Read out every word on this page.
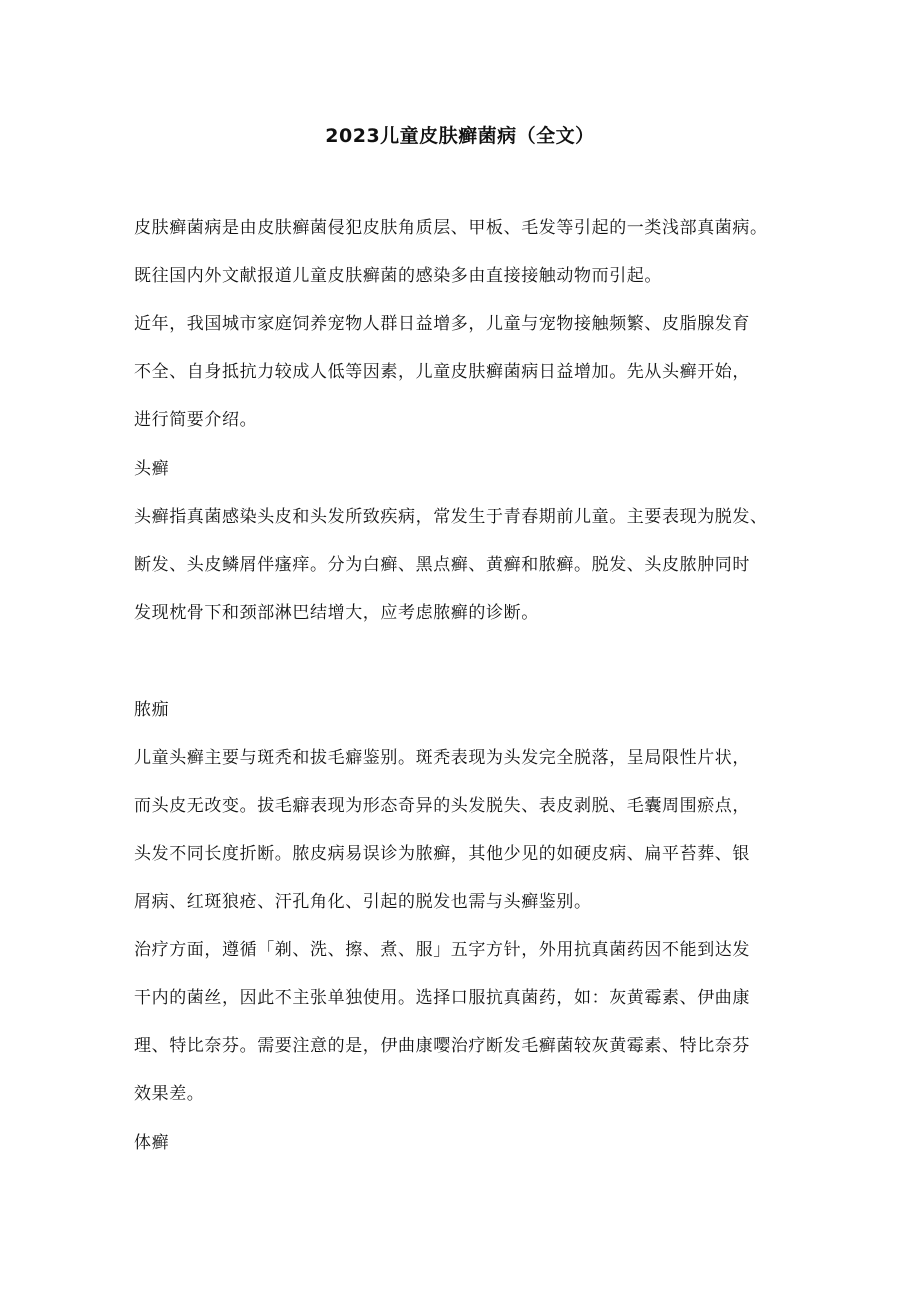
2023儿童皮肤癣菌病（全文）
皮肤癣菌病是由皮肤癣菌侵犯皮肤角质层、甲板、毛发等引起的一类浅部真菌病。
既往国内外文献报道儿童皮肤癣菌的感染多由直接接触动物而引起。
近年，我国城市家庭饲养宠物人群日益增多，儿童与宠物接触频繁、皮脂腺发育
不全、自身抵抗力较成人低等因素，儿童皮肤癣菌病日益增加。先从头癣开始，
进行简要介绍。
头癣
头癣指真菌感染头皮和头发所致疾病，常发生于青春期前儿童。主要表现为脱发、
断发、头皮鳞屑伴瘙痒。分为白癣、黑点癣、黄癣和脓癣。脱发、头皮脓肿同时
发现枕骨下和颈部淋巴结增大，应考虑脓癣的诊断。
脓痂
儿童头癣主要与斑秃和拔毛癖鉴别。斑秃表现为头发完全脱落，呈局限性片状，
而头皮无改变。拔毛癖表现为形态奇异的头发脱失、表皮剥脱、毛囊周围瘀点，
头发不同长度折断。脓皮病易误诊为脓癣，其他少见的如硬皮病、扁平苔葬、银
屑病、红斑狼疮、汗孔角化、引起的脱发也需与头癣鉴别。
治疗方面，遵循「剃、洗、擦、煮、服」五字方针，外用抗真菌药因不能到达发
干内的菌丝，因此不主张单独使用。选择口服抗真菌药，如：灰黄霉素、伊曲康
理、特比奈芬。需要注意的是，伊曲康嘤治疗断发毛癣菌较灰黄霉素、特比奈芬
效果差。
体癣
